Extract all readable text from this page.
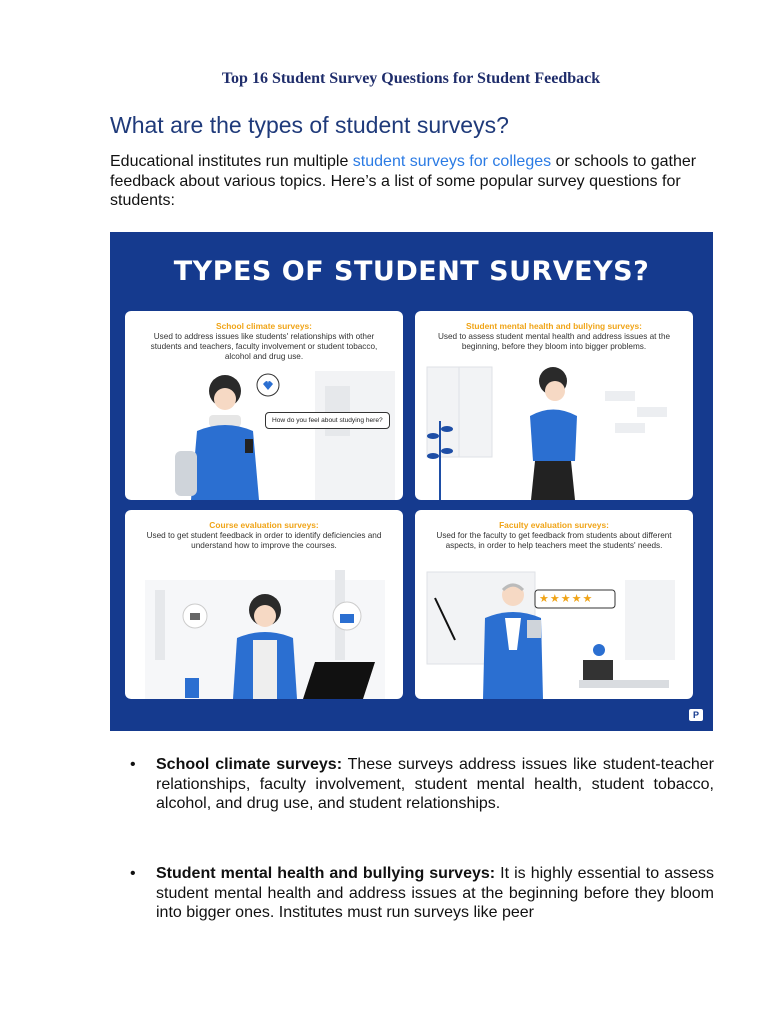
Top 16 Student Survey Questions for Student Feedback
What are the types of student surveys?

Educational institutes run multiple student surveys for colleges or schools to gather feedback about various topics. Here’s a list of some popular survey questions for students:

TYPES OF STUDENT SURVEYS?
School climate surveys:
Used to address issues like students' relationships with other students and teachers, faculty involvement or student tobacco, alcohol and drug use.
How do you feel about studying here?
Student mental health and bullying surveys:
Used to assess student mental health and address issues at the beginning, before they bloom into bigger problems.
Course evaluation surveys:
Used to get student feedback in order to identify deficiencies and understand how to improve the courses.
Faculty evaluation surveys:
Used for the faculty to get feedback from students about different aspects, in order to help teachers meet the students' needs.
★★★★★
P

• School climate surveys: These surveys address issues like student-teacher relationships, faculty involvement, student mental health, student tobacco, alcohol, and drug use, and student relationships.

• Student mental health and bullying surveys: It is highly essential to assess student mental health and address issues at the beginning before they bloom into bigger ones. Institutes must run surveys like peer
